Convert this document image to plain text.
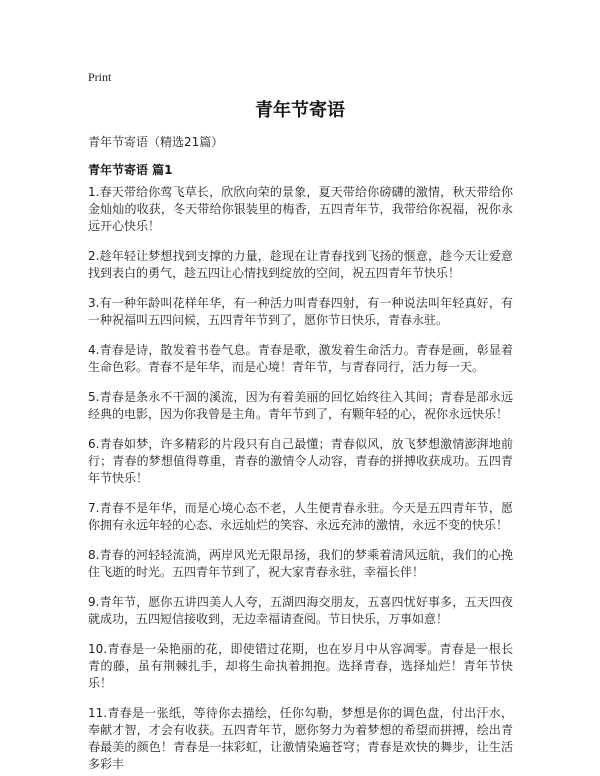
Print
青年节寄语
青年节寄语（精选21篇）
青年节寄语 篇1

1.春天带给你莺飞草长，欣欣向荣的景象，夏天带给你磅礴的激情，秋天带给你金灿灿的收获，冬天带给你银装里的梅香，五四青年节，我带给你祝福，祝你永远开心快乐！

2.趁年轻让梦想找到支撑的力量，趁现在让青春找到飞扬的惬意，趁今天让爱意找到表白的勇气，趁五四让心情找到绽放的空间，祝五四青年节快乐！

3.有一种年龄叫花样年华，有一种活力叫青春四射，有一种说法叫年轻真好，有一种祝福叫五四问候，五四青年节到了，愿你节日快乐，青春永驻。

4.青春是诗，散发着书卷气息。青春是歌，激发着生命活力。青春是画，彰显着生命色彩。青春不是年华，而是心境！青年节，与青春同行，活力每一天。

5.青春是条永不干涸的溪流，因为有着美丽的回忆始终往入其间；青春是部永远经典的电影，因为你我曾是主角。青年节到了，有颗年轻的心，祝你永远快乐！

6.青春如梦，许多精彩的片段只有自己最懂；青春似风，放飞梦想激情澎湃地前行；青春的梦想值得尊重，青春的激情令人动容，青春的拼搏收获成功。五四青年节快乐！

7.青春不是年华，而是心境心态不老，人生便青春永驻。今天是五四青年节，愿你拥有永远年轻的心态、永远灿烂的笑容、永远充沛的激情，永远不变的快乐！

8.青春的河轻轻流淌，两岸风光无限昂扬，我们的梦乘着清风远航，我们的心挽住飞逝的时光。五四青年节到了，祝大家青春永驻，幸福长伴！

9.青年节，愿你五讲四美人人夸，五湖四海交朋友，五喜四忧好事多，五天四夜就成功，五四短信接收到，无边幸福请查阅。节日快乐，万事如意！

10.青春是一朵艳丽的花，即使错过花期，也在岁月中从容凋零。青春是一根长青的藤，虽有荆棘扎手，却将生命执着拥抱。选择青春，选择灿烂！青年节快乐！

11.青春是一张纸，等待你去描绘，任你勾勒，梦想是你的调色盘，付出汗水，奉献才智，才会有收获。五四青年节，愿你努力为着梦想的希望而拼搏，绘出青春最美的颜色！青春是一抹彩虹，让激情染遍苍穹；青春是欢快的舞步，让生活多彩丰
